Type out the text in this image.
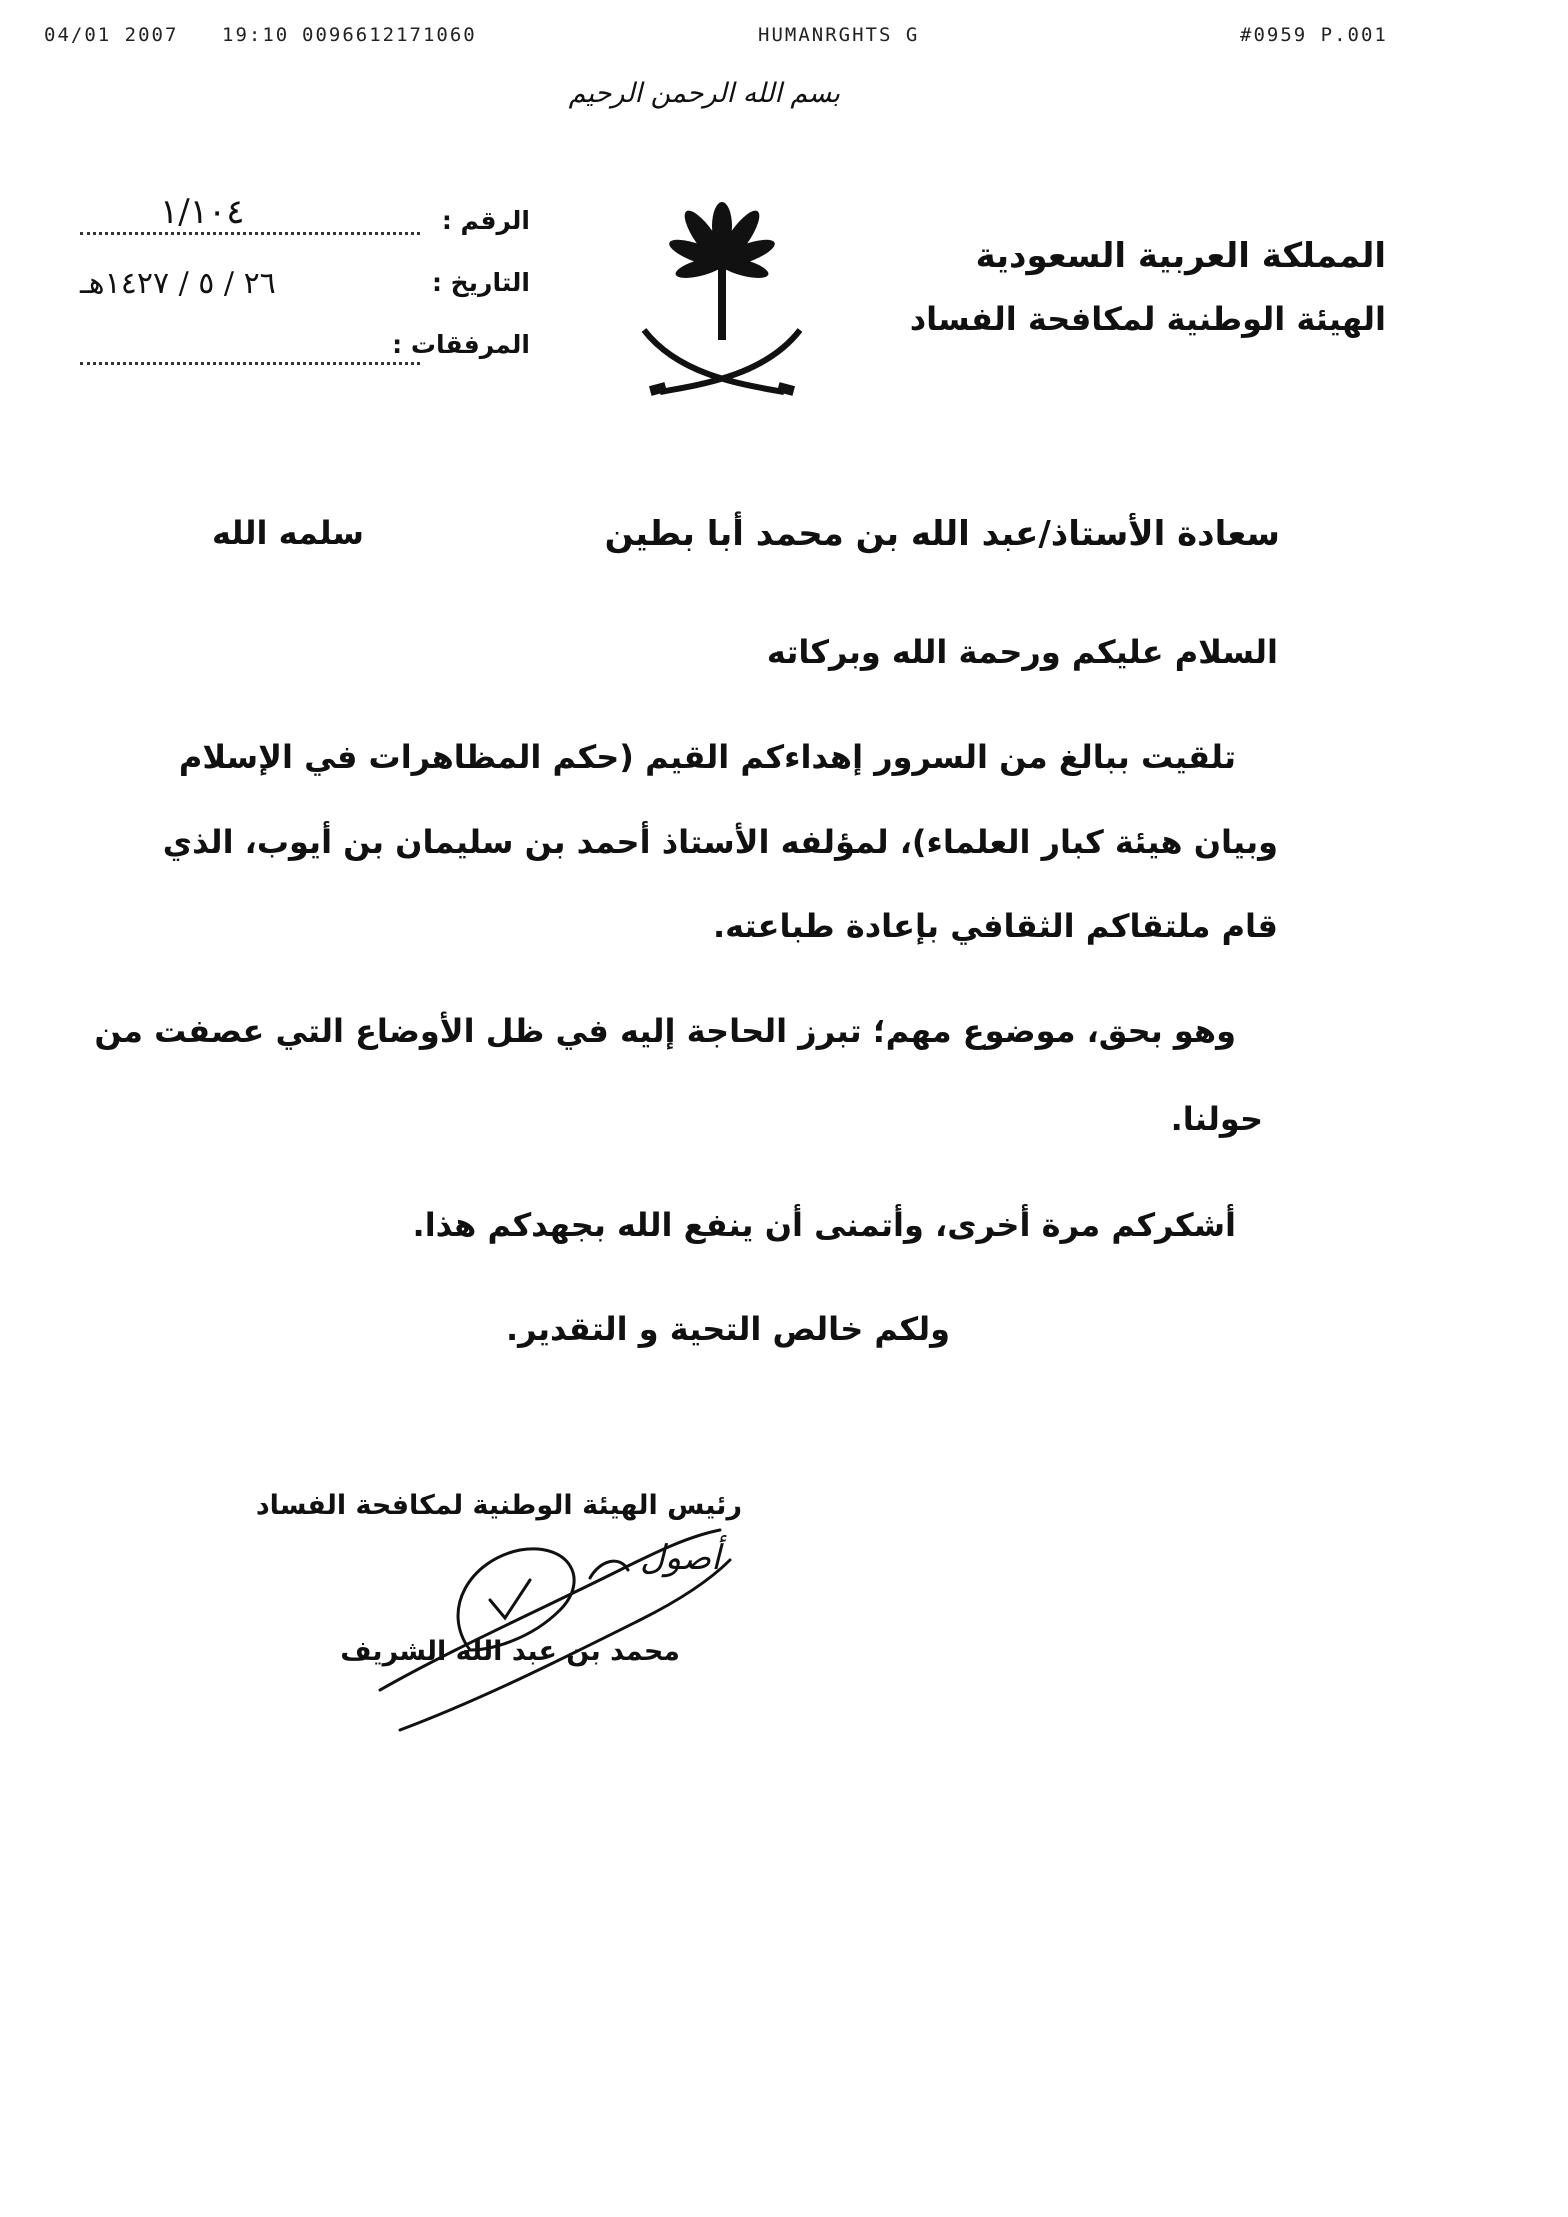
04/01 2007 19:10 0096612171060	HUMANRGHTS G	#0959 P.001
بسم الله الرحمن الرحيم
المملكة العربية السعودية
الهيئة الوطنية لمكافحة الفساد
الرقم :
١/١٠٤
التاريخ :
٢٦ / ٥ / ١٤٢٧هـ
المرفقات :
سعادة الأستاذ/عبد الله بن محمد أبا بطين
سلمه الله
السلام عليكم ورحمة الله وبركاته
تلقيت ببالغ من السرور إهداءكم القيم (حكم المظاهرات في الإسلام
وبيان هيئة كبار العلماء)، لمؤلفه الأستاذ أحمد بن سليمان بن أيوب، الذي
قام ملتقاكم الثقافي بإعادة طباعته.
وهو بحق، موضوع مهم؛ تبرز الحاجة إليه في ظل الأوضاع التي عصفت من
حولنا.
أشكركم مرة أخرى، وأتمنى أن ينفع الله بجهدكم هذا.
ولكم خالص التحية و التقدير.
رئيس الهيئة الوطنية لمكافحة الفساد
محمد بن عبد الله الشريف
أصول
